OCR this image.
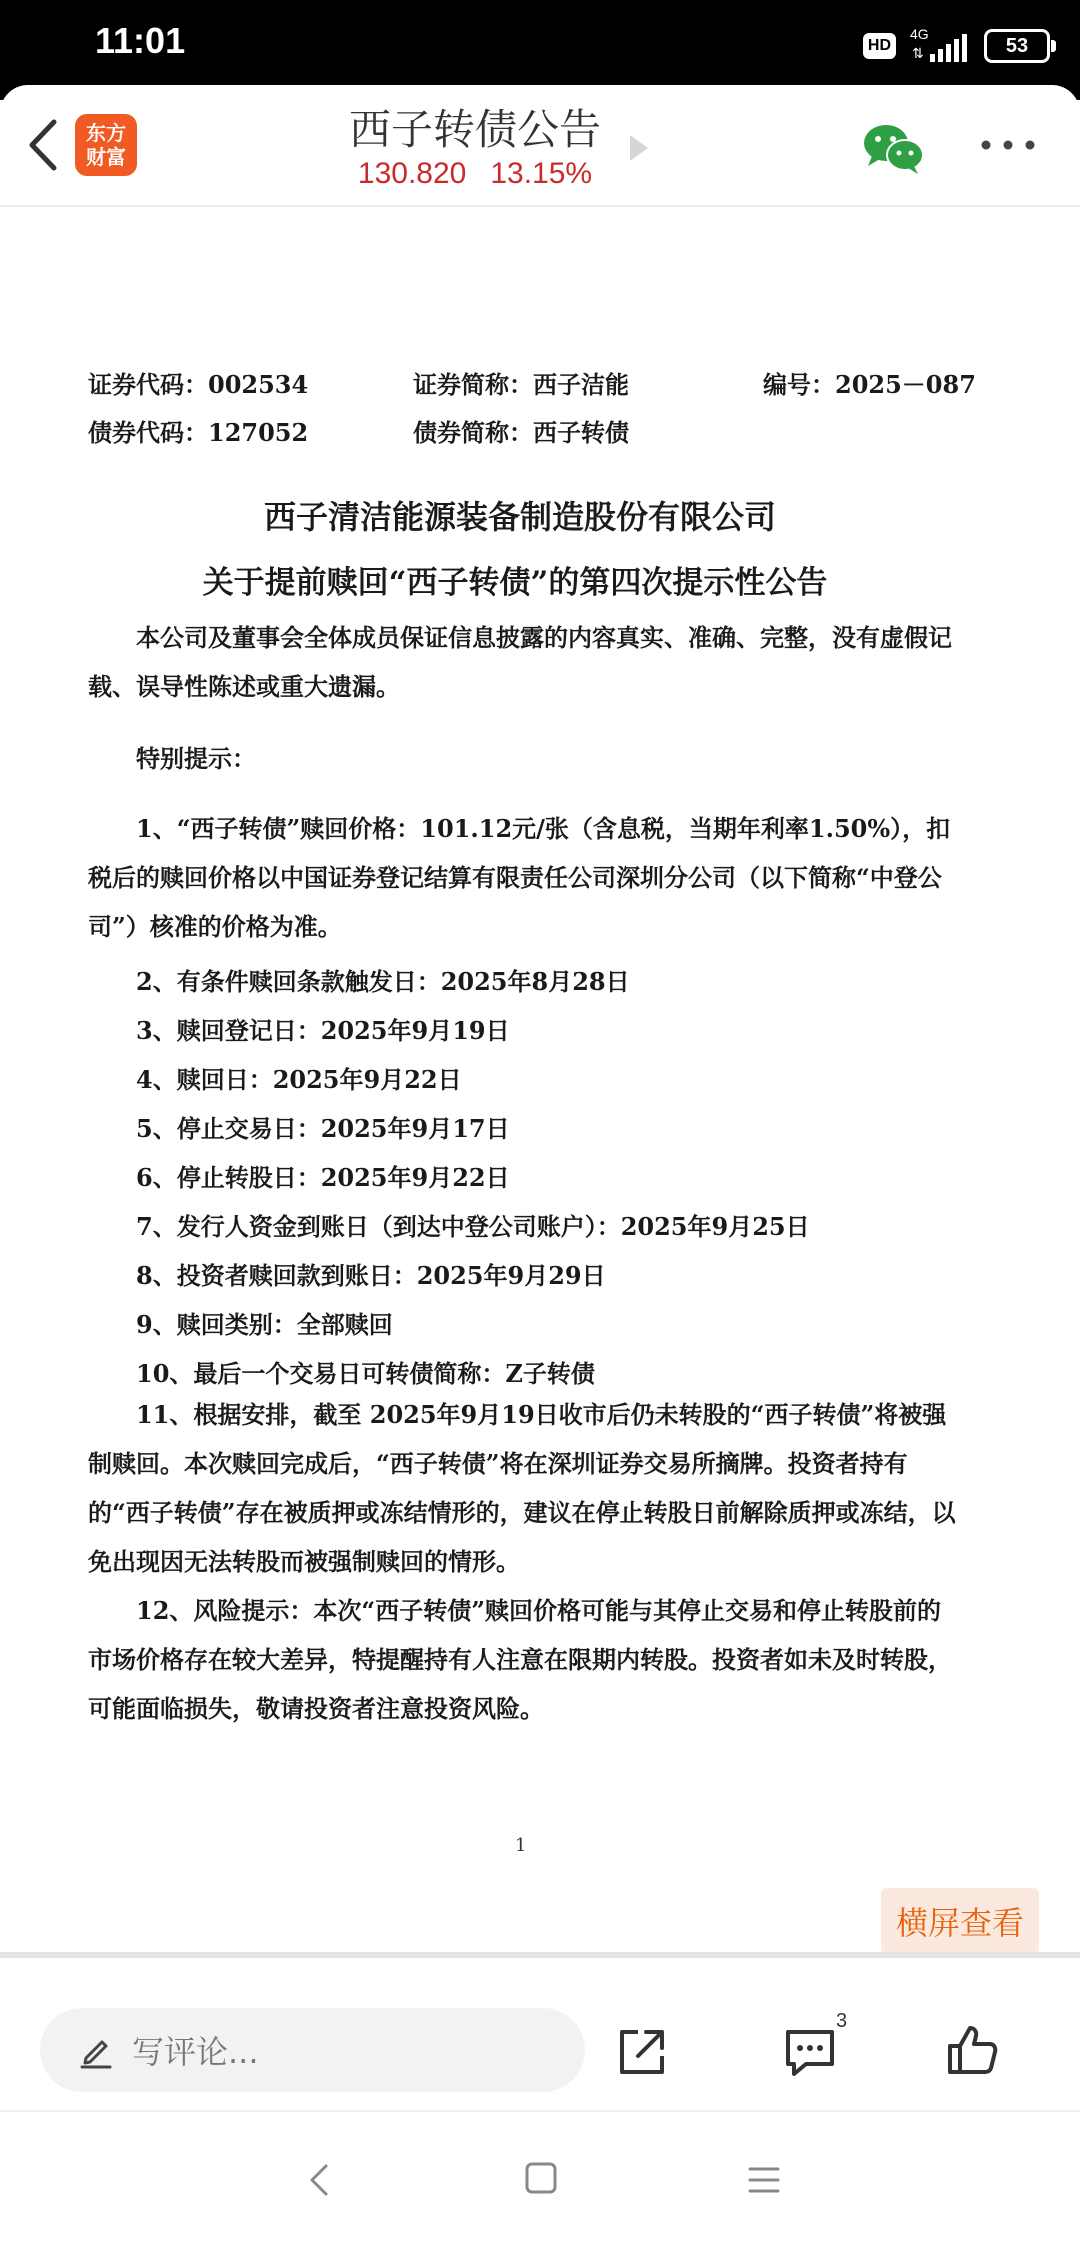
11:01	HD
4G
⇅	53
东方
财富
西子转债公告
130.820 13.15%
证券代码：002534	证券简称：西子洁能	编号：2025－087
债券代码：127052	债券简称：西子转债
西子清洁能源装备制造股份有限公司
关于提前赎回“西子转债”的第四次提示性公告
本公司及董事会全体成员保证信息披露的内容真实、准确、完整，没有虚假记载、误导性陈述或重大遗漏。
特别提示：
1、“西子转债”赎回价格：101.12元/张（含息税，当期年利率1.50%），扣税后的赎回价格以中国证券登记结算有限责任公司深圳分公司（以下简称“中登公司”）核准的价格为准。
2、有条件赎回条款触发日：2025年8月28日
3、赎回登记日：2025年9月19日
4、赎回日：2025年9月22日
5、停止交易日：2025年9月17日
6、停止转股日：2025年9月22日
7、发行人资金到账日（到达中登公司账户）：2025年9月25日
8、投资者赎回款到账日：2025年9月29日
9、赎回类别：全部赎回
10、最后一个交易日可转债简称：Z子转债
11、根据安排，截至 2025年9月19日收市后仍未转股的“西子转债”将被强制赎回。本次赎回完成后，“西子转债”将在深圳证券交易所摘牌。投资者持有的“西子转债”存在被质押或冻结情形的，建议在停止转股日前解除质押或冻结，以免出现因无法转股而被强制赎回的情形。
12、风险提示：本次“西子转债”赎回价格可能与其停止交易和停止转股前的市场价格存在较大差异，特提醒持有人注意在限期内转股。投资者如未及时转股，可能面临损失，敬请投资者注意投资风险。
1
横屏查看
写评论...
3
